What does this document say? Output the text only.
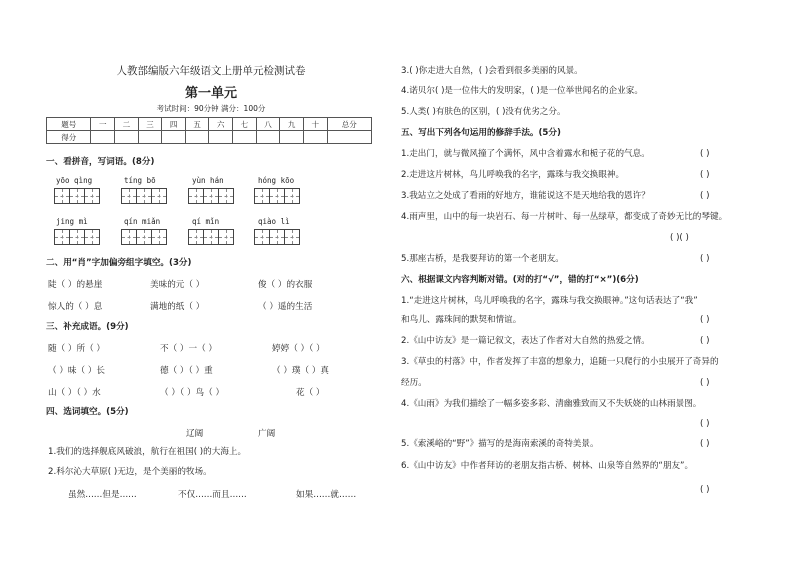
人教部编版六年级语文上册单元检测试卷
第一单元
考试时间：90分钟 满分：100分
题号	一	二	三	四	五	六	七	八	九	十	总分
得分											
一、看拼音，写词语。(8分)
yōo qìng	tíng bō	yùn hán	hóng kōo
jing mì	qín miǎn	qí mǐn	qiào lì
二、用“肖”字加偏旁组字填空。(3分)
陡（ ）的悬崖	美味的元（ ）	俊（ ）的衣服
惊人的（ ）息	满地的纸（ ）	（ ）遥的生活
三、补充成语。(9分)
随（ ）所（ ）	不（ ）一（ ）	婷婷（ ）（ ）
（ ）味（ ）长	德（ ）（ ）重	（ ）璞（ ）真
山（ ）（ ）水	（ ）（ ）鸟（ ）	花（ ）
四、选词填空。(5分)
辽阔	广阔
1.我们的选择舰底风破浪，航行在祖国( )的大海上。
2.科尔沁大草原( )无边，是个美丽的牧场。
虽然……但是……	不仅……而且……	如果……就……
3.( )你走进大自然，( )会看到很多美丽的风景。
4.诺贝尔( )是一位伟大的发明家，( )是一位举世闻名的企业家。
5.人类( )有肤色的区别，( )没有优劣之分。
五、写出下列各句运用的修辞手法。(5分)
1.走出门，就与微风撞了个满怀，风中含着露水和栀子花的气息。	( )
2.走进这片树林，鸟儿呼唤我的名字，露珠与我交换眼神。	( )
3.我站立之处成了看雨的好地方，谁能说这不是天地给我的恩许？	( )
4.雨声里，山中的每一块岩石、每一片树叶、每一丛绿草，都变成了奇妙无比的琴键。
( )( )
5.那座古桥，是我要拜访的第一个老朋友。	( )
六、根据课文内容判断对错。(对的打“√”，错的打“×”)(6分)
1.“走进这片树林，鸟儿呼唤我的名字，露珠与我交换眼神。”这句话表达了“我”
和鸟儿、露珠间的默契和情谊。	( )
2.《山中访友》是一篇记叙文，表达了作者对大自然的热爱之情。	( )
3.《草虫的村落》中，作者发挥了丰富的想象力，追随一只爬行的小虫展开了奇异的
经历。	( )
4.《山雨》为我们描绘了一幅多姿多彩、清幽雅致而又不失妖娆的山林雨景图。
( )
5.《索溪峪的“野”》描写的是海南索溪的奇特美景。	( )
6.《山中访友》中作者拜访的老朋友指古桥、树林、山泉等自然界的“朋友”。
( )
